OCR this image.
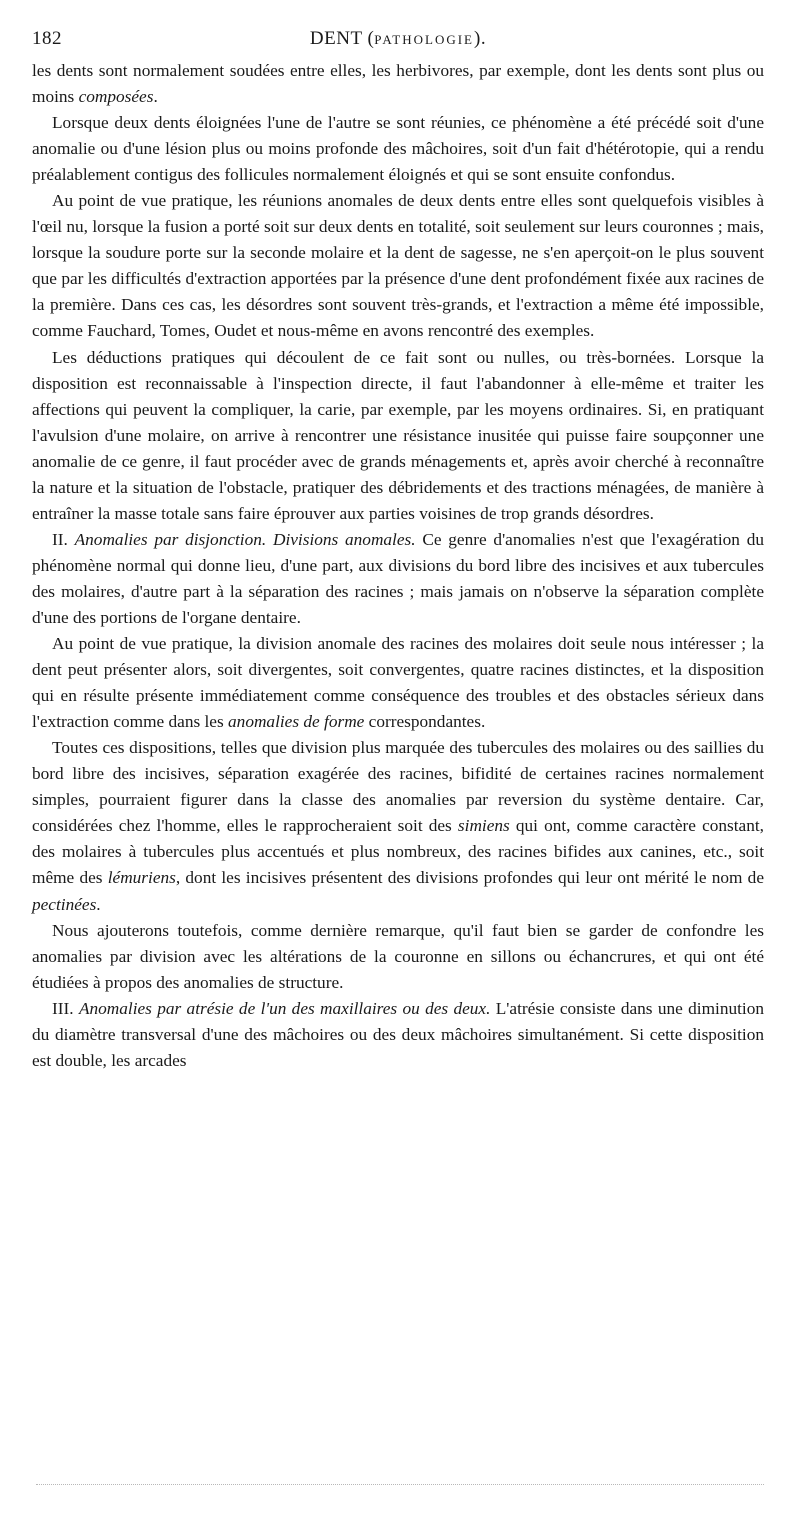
182	DENT (PATHOLOGIE).

les dents sont normalement soudées entre elles, les herbivores, par exemple, dont les dents sont plus ou moins composées.

Lorsque deux dents éloignées l'une de l'autre se sont réunies, ce phénomène a été précédé soit d'une anomalie ou d'une lésion plus ou moins profonde des mâchoires, soit d'un fait d'hétérotopie, qui a rendu préalablement contigus des follicules normalement éloignés et qui se sont ensuite confondus.

Au point de vue pratique, les réunions anomales de deux dents entre elles sont quelquefois visibles à l'œil nu, lorsque la fusion a porté soit sur deux dents en totalité, soit seulement sur leurs couronnes ; mais, lorsque la soudure porte sur la seconde molaire et la dent de sagesse, ne s'en aperçoit-on le plus souvent que par les difficultés d'extraction apportées par la présence d'une dent profondément fixée aux racines de la première. Dans ces cas, les désordres sont souvent très-grands, et l'extraction a même été impossible, comme Fauchard, Tomes, Oudet et nous-même en avons rencontré des exemples.

Les déductions pratiques qui découlent de ce fait sont ou nulles, ou très-bornées. Lorsque la disposition est reconnaissable à l'inspection directe, il faut l'abandonner à elle-même et traiter les affections qui peuvent la compliquer, la carie, par exemple, par les moyens ordinaires. Si, en pratiquant l'avulsion d'une molaire, on arrive à rencontrer une résistance inusitée qui puisse faire soupçonner une anomalie de ce genre, il faut procéder avec de grands ménagements et, après avoir cherché à reconnaître la nature et la situation de l'obstacle, pratiquer des débridements et des tractions ménagées, de manière à entraîner la masse totale sans faire éprouver aux parties voisines de trop grands désordres.

II. Anomalies par disjonction. Divisions anomales. Ce genre d'anomalies n'est que l'exagération du phénomène normal qui donne lieu, d'une part, aux divisions du bord libre des incisives et aux tubercules des molaires, d'autre part à la séparation des racines ; mais jamais on n'observe la séparation complète d'une des portions de l'organe dentaire.

Au point de vue pratique, la division anomale des racines des molaires doit seule nous intéresser ; la dent peut présenter alors, soit divergentes, soit convergentes, quatre racines distinctes, et la disposition qui en résulte présente immédiatement comme conséquence des troubles et des obstacles sérieux dans l'extraction comme dans les anomalies de forme correspondantes.

Toutes ces dispositions, telles que division plus marquée des tubercules des molaires ou des saillies du bord libre des incisives, séparation exagérée des racines, bifidité de certaines racines normalement simples, pourraient figurer dans la classe des anomalies par reversion du système dentaire. Car, considérées chez l'homme, elles le rapprocheraient soit des simiens qui ont, comme caractère constant, des molaires à tubercules plus accentués et plus nombreux, des racines bifides aux canines, etc., soit même des lémuriens, dont les incisives présentent des divisions profondes qui leur ont mérité le nom de pectinées.

Nous ajouterons toutefois, comme dernière remarque, qu'il faut bien se garder de confondre les anomalies par division avec les altérations de la couronne en sillons ou échancrures, et qui ont été étudiées à propos des anomalies de structure.

III. Anomalies par atrésie de l'un des maxillaires ou des deux. L'atrésie consiste dans une diminution du diamètre transversal d'une des mâchoires ou des deux mâchoires simultanément. Si cette disposition est double, les arcades
